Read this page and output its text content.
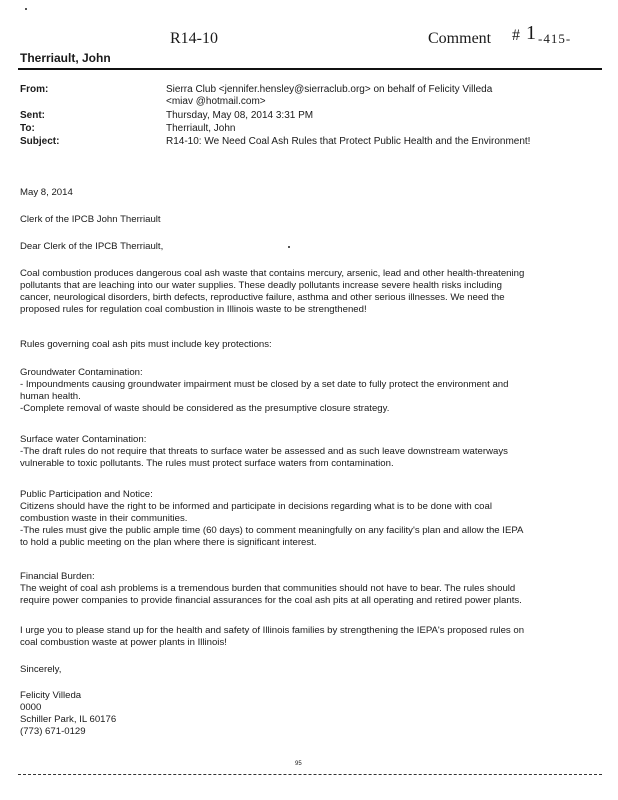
R14-10	Comment # 1 -415-
Therriault, John
From:	Sierra Club <jennifer.hensley@sierraclub.org> on behalf of Felicity Villeda
<miav @hotmail.com>
Sent:	Thursday, May 08, 2014 3:31 PM
To:	Therriault, John
Subject:	R14-10: We Need Coal Ash Rules that Protect Public Health and the Environment!
May 8, 2014
Clerk of the IPCB John Therriault
Dear Clerk of the IPCB Therriault,

Coal combustion produces dangerous coal ash waste that contains mercury, arsenic, lead and other health-threatening

pollutants that are leaching into our water supplies. These deadly pollutants increase severe health risks including

cancer, neurological disorders, birth defects, reproductive failure, asthma and other serious illnesses. We need the

proposed rules for regulation coal combustion in Illinois waste to be strengthened!

Rules governing coal ash pits must include key protections:

Groundwater Contamination:

- Impoundments causing groundwater impairment must be closed by a set date to fully protect the environment and

human health.

-Complete removal of waste should be considered as the presumptive closure strategy.

Surface water Contamination:

-The draft rules do not require that threats to surface water be assessed and as such leave downstream waterways

vulnerable to toxic pollutants. The rules must protect surface waters from contamination.

Public Participation and Notice:

Citizens should have the right to be informed and participate in decisions regarding what is to be done with coal

combustion waste in their communities.

-The rules must give the public ample time (60 days) to comment meaningfully on any facility's plan and allow the IEPA

to hold a public meeting on the plan where there is significant interest.

Financial Burden:

The weight of coal ash problems is a tremendous burden that communities should not have to bear. The rules should

require power companies to provide financial assurances for the coal ash pits at all operating and retired power plants.

I urge you to please stand up for the health and safety of Illinois families by strengthening the IEPA's proposed rules on

coal combustion waste at power plants in Illinois!

Sincerely,

Felicity Villeda

0000

Schiller Park, IL 60176

(773) 671-0129

95
